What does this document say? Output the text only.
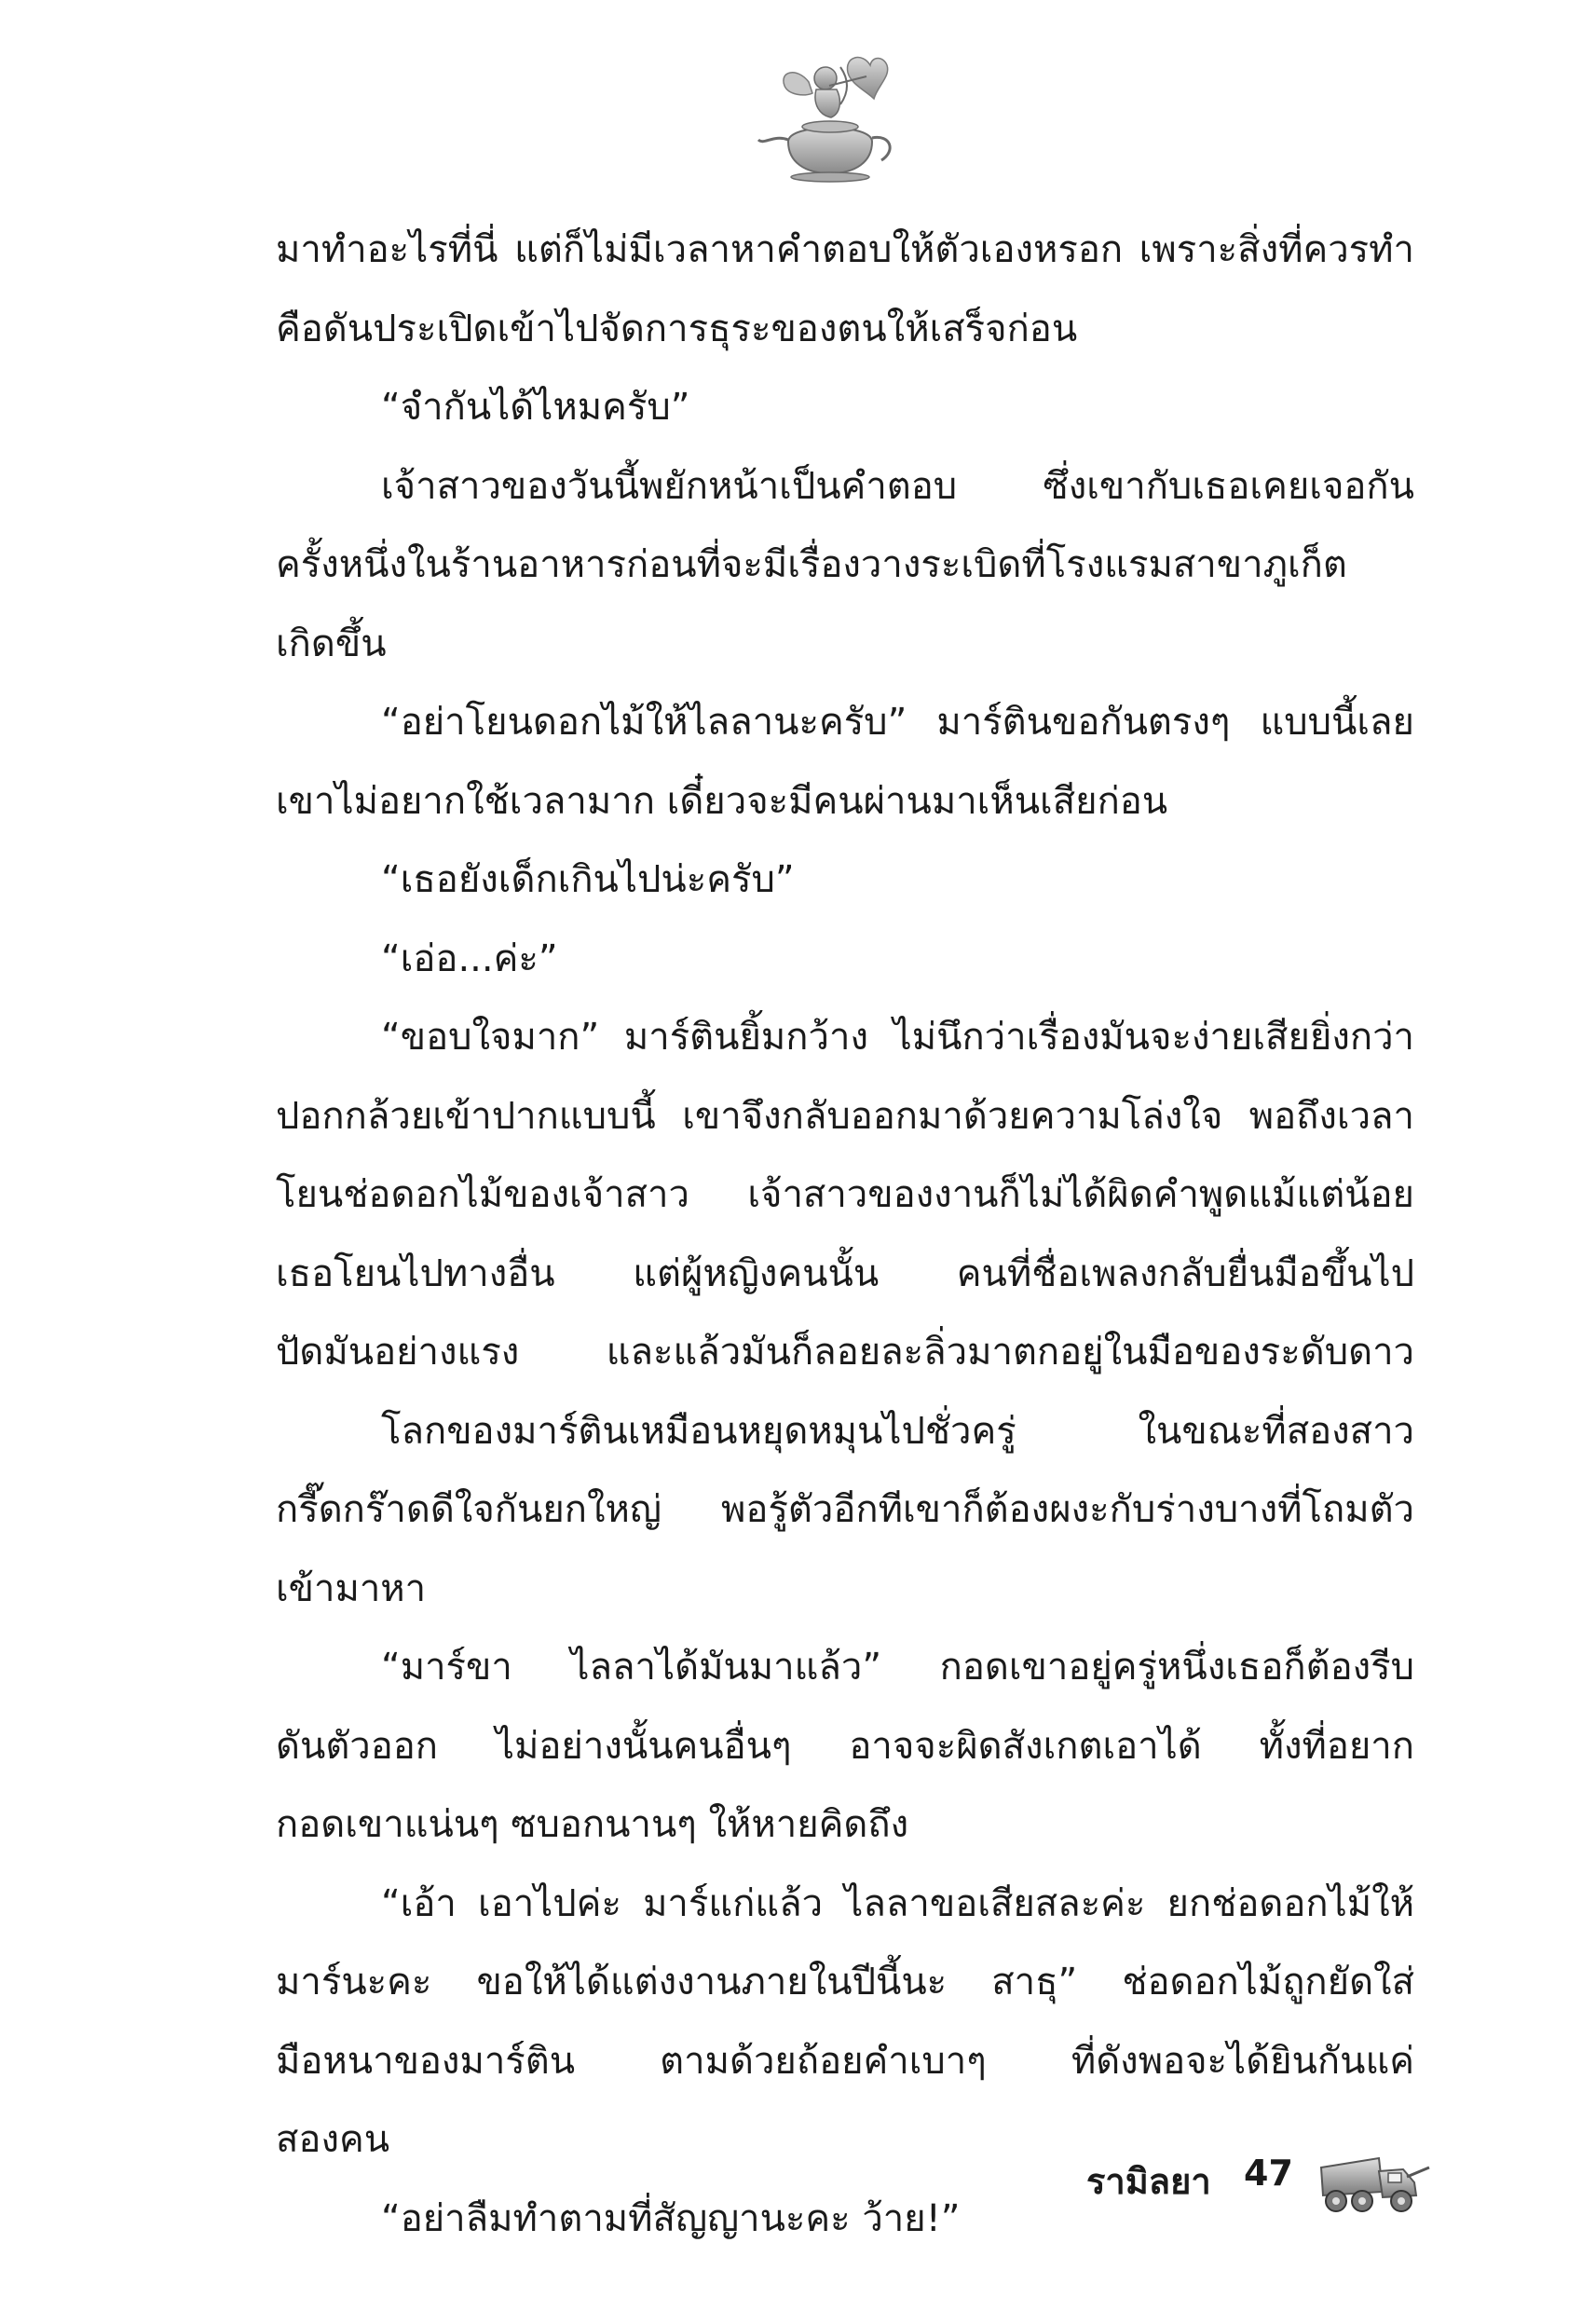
มาทำอะไรที่นี่ แต่ก็ไม่มีเวลาหาคำตอบให้ตัวเองหรอก เพราะสิ่งที่ควรทำ
คือดันประเปิดเข้าไปจัดการธุระของตนให้เสร็จก่อน
“จำกันได้ไหมครับ”
เจ้าสาวของวันนี้พยักหน้าเป็นคำตอบ ซึ่งเขากับเธอเคยเจอกัน
ครั้งหนึ่งในร้านอาหารก่อนที่จะมีเรื่องวางระเบิดที่โรงแรมสาขาภูเก็ต
เกิดขึ้น
“อย่าโยนดอกไม้ให้ไลลานะครับ” มาร์ตินขอกันตรงๆ แบบนี้เลย
เขาไม่อยากใช้เวลามาก เดี๋ยวจะมีคนผ่านมาเห็นเสียก่อน
“เธอยังเด็กเกินไปน่ะครับ”
“เอ่อ...ค่ะ”
“ขอบใจมาก” มาร์ตินยิ้มกว้าง ไม่นึกว่าเรื่องมันจะง่ายเสียยิ่งกว่า
ปอกกล้วยเข้าปากแบบนี้ เขาจึงกลับออกมาด้วยความโล่งใจ พอถึงเวลา
โยนช่อดอกไม้ของเจ้าสาว เจ้าสาวของงานก็ไม่ได้ผิดคำพูดแม้แต่น้อย
เธอโยนไปทางอื่น แต่ผู้หญิงคนนั้น คนที่ชื่อเพลงกลับยื่นมือขึ้นไป
ปัดมันอย่างแรง และแล้วมันก็ลอยละลิ่วมาตกอยู่ในมือของระดับดาว
โลกของมาร์ตินเหมือนหยุดหมุนไปชั่วครู่ ในขณะที่สองสาว
กรี๊ดกร๊าดดีใจกันยกใหญ่ พอรู้ตัวอีกทีเขาก็ต้องผงะกับร่างบางที่โถมตัว
เข้ามาหา
“มาร์ขา ไลลาได้มันมาแล้ว” กอดเขาอยู่ครู่หนึ่งเธอก็ต้องรีบ
ดันตัวออก ไม่อย่างนั้นคนอื่นๆ อาจจะผิดสังเกตเอาได้ ทั้งที่อยาก
กอดเขาแน่นๆ ซบอกนานๆ ให้หายคิดถึง
“เอ้า เอาไปค่ะ มาร์แก่แล้ว ไลลาขอเสียสละค่ะ ยกช่อดอกไม้ให้
มาร์นะคะ ขอให้ได้แต่งงานภายในปีนี้นะ สาธุ” ช่อดอกไม้ถูกยัดใส่
มือหนาของมาร์ติน ตามด้วยถ้อยคำเบาๆ ที่ดังพอจะได้ยินกันแค่
สองคน
“อย่าลืมทำตามที่สัญญานะคะ ว้าย!”
รามิลยา 47
